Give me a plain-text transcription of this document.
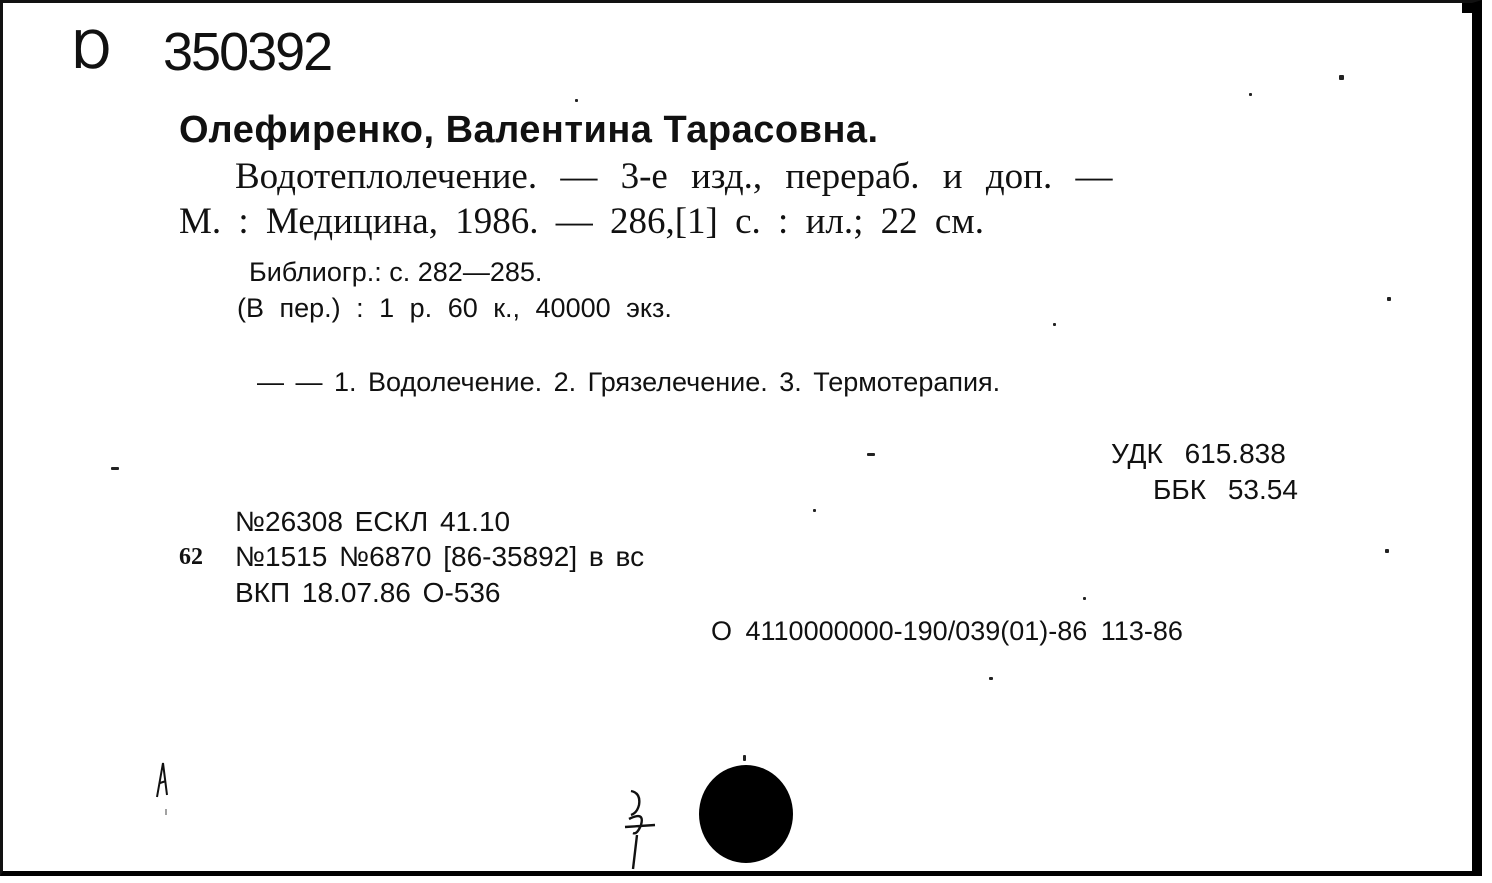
Ɒ 350392
Олефиренко, Валентина Тарасовна.
Водотеплолечение. — 3-е изд., перераб. и доп. —
М. : Медицина, 1986. — 286,[1] с. : ил.; 22 см.
Библиогр.: с. 282—285.
(В пер.) : 1 р. 60 к., 40000 экз.
— — 1. Водолечение. 2. Грязелечение. 3. Термотерапия.
УДК 615.838
ББК 53.54
№26308 ЕСКЛ 41.10
62 №1515 №6870 [86-35892] в вс
ВКП 18.07.86 О-536
О 4110000000-190/039(01)-86 113-86
